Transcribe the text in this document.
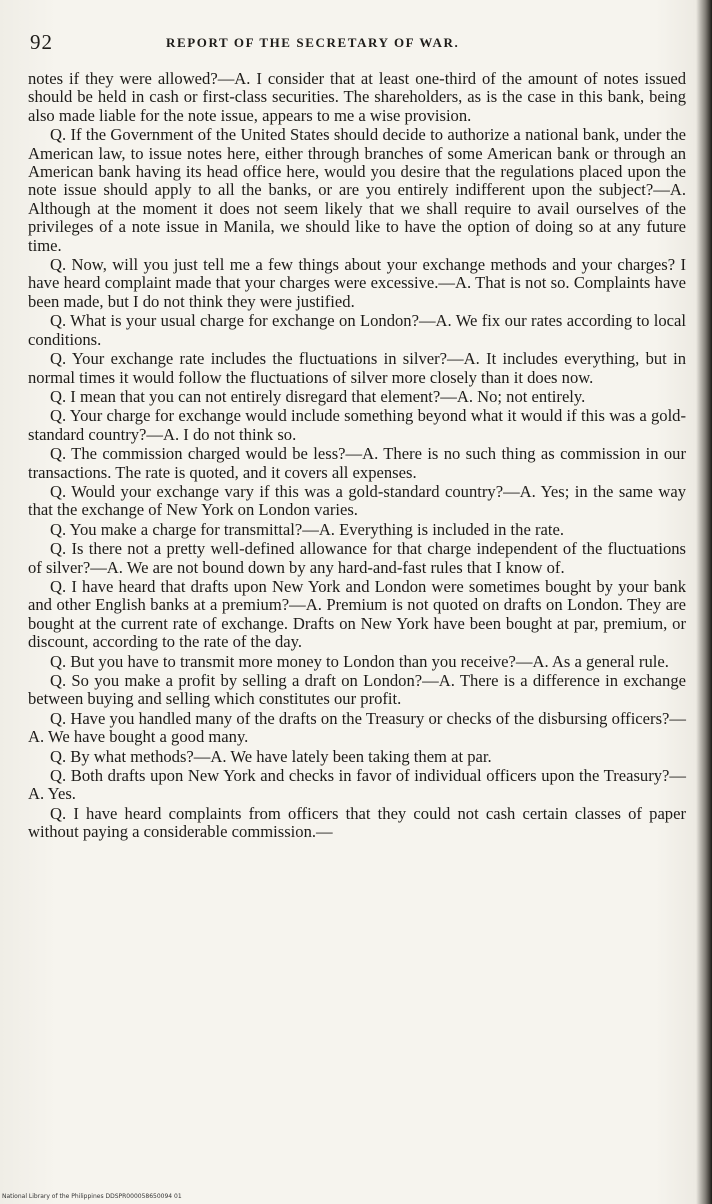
92	REPORT OF THE SECRETARY OF WAR.

notes if they were allowed?—A. I consider that at least one-third of the amount of notes issued should be held in cash or first-class securities. The shareholders, as is the case in this bank, being also made liable for the note issue, appears to me a wise provision.

Q. If the Government of the United States should decide to authorize a national bank, under the American law, to issue notes here, either through branches of some American bank or through an American bank having its head office here, would you desire that the regulations placed upon the note issue should apply to all the banks, or are you entirely indifferent upon the subject?—A. Although at the moment it does not seem likely that we shall require to avail ourselves of the privileges of a note issue in Manila, we should like to have the option of doing so at any future time.

Q. Now, will you just tell me a few things about your exchange methods and your charges? I have heard complaint made that your charges were excessive.—A. That is not so. Complaints have been made, but I do not think they were justified.

Q. What is your usual charge for exchange on London?—A. We fix our rates according to local conditions.

Q. Your exchange rate includes the fluctuations in silver?—A. It includes everything, but in normal times it would follow the fluctuations of silver more closely than it does now.

Q. I mean that you can not entirely disregard that element?—A. No; not entirely.

Q. Your charge for exchange would include something beyond what it would if this was a gold-standard country?—A. I do not think so.

Q. The commission charged would be less?—A. There is no such thing as commission in our transactions. The rate is quoted, and it covers all expenses.

Q. Would your exchange vary if this was a gold-standard country?—A. Yes; in the same way that the exchange of New York on London varies.

Q. You make a charge for transmittal?—A. Everything is included in the rate.

Q. Is there not a pretty well-defined allowance for that charge independent of the fluctuations of silver?—A. We are not bound down by any hard-and-fast rules that I know of.

Q. I have heard that drafts upon New York and London were sometimes bought by your bank and other English banks at a premium?—A. Premium is not quoted on drafts on London. They are bought at the current rate of exchange. Drafts on New York have been bought at par, premium, or discount, according to the rate of the day.

Q. But you have to transmit more money to London than you receive?—A. As a general rule.

Q. So you make a profit by selling a draft on London?—A. There is a difference in exchange between buying and selling which constitutes our profit.

Q. Have you handled many of the drafts on the Treasury or checks of the disbursing officers?—A. We have bought a good many.

Q. By what methods?—A. We have lately been taking them at par.

Q. Both drafts upon New York and checks in favor of individual officers upon the Treasury?—A. Yes.

Q. I have heard complaints from officers that they could not cash certain classes of paper without paying a considerable commission.—

National Library of the Philippines DDSPR000058650094 01
